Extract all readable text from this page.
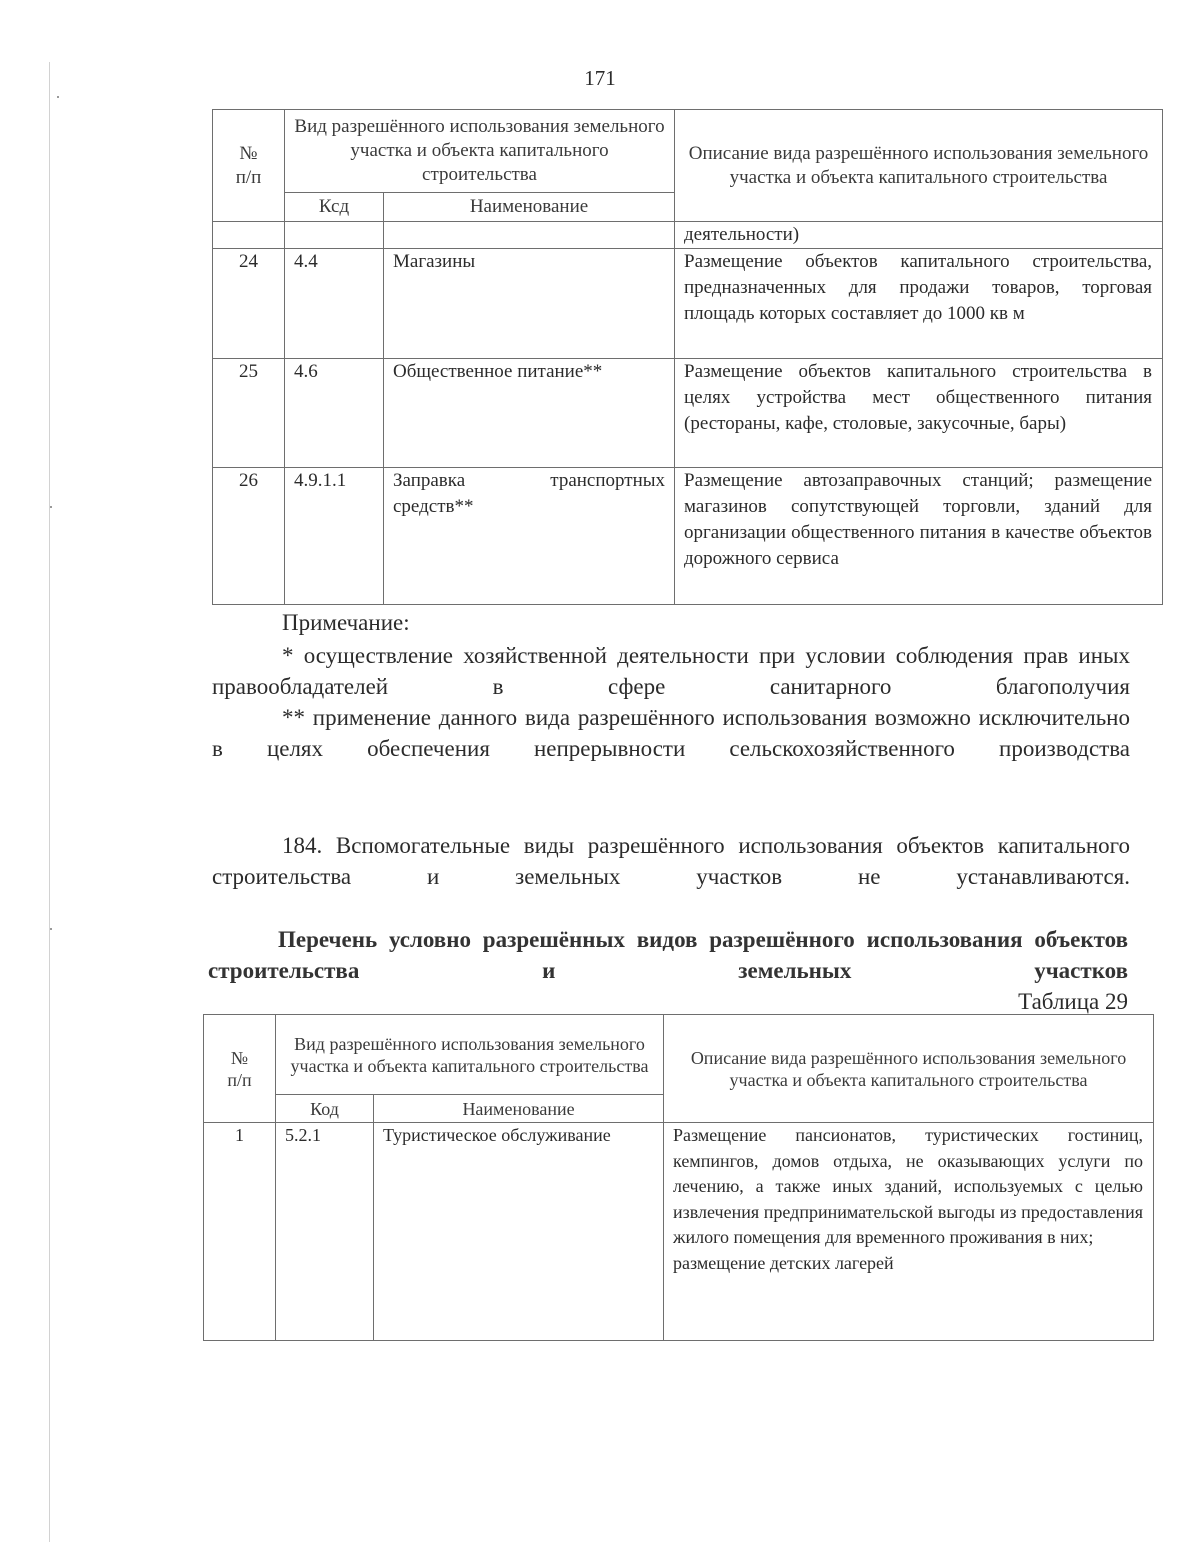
171
№
п/п	Вид разрешённого использования земельного участка и объекта капитального строительства		Описание вида разрешённого использования земельного участка и объекта капитального строительства
	Ксд	Наименование	
			деятельности)
24	4.4	Магазины	Размещение объектов капитального строительства, предназначенных для продажи товаров, торговая площадь которых составляет до 1000 кв м
25	4.6	Общественное питание**	Размещение объектов капитального строительства в целях устройства мест общественного питания (рестораны, кафе, столовые, закусочные, бары)
26	4.9.1.1	Заправка транспортных средств**	Размещение автозаправочных станций; размещение магазинов сопутствующей торговли, зданий для организации общественного питания в качестве объектов дорожного сервиса
Примечание:
* осуществление хозяйственной деятельности при условии соблюдения прав иных правообладателей в сфере санитарного благополучия
** применение данного вида разрешённого использования возможно исключительно в целях обеспечения непрерывности сельскохозяйственного производства
184. Вспомогательные виды разрешённого использования объектов капитального строительства и земельных участков не устанавливаются.
Перечень условно разрешённых видов разрешённого использования объектов строительства и земельных участков
Таблица 29
№
п/п	Вид разрешённого использования земельного участка и объекта капитального строительства		Описание вида разрешённого использования земельного участка и объекта капитального строительства
	Код	Наименование	
1	5.2.1	Туристическое обслуживание	Размещение пансионатов, туристических гостиниц, кемпингов, домов отдыха, не оказывающих услуги по лечению, а также иных зданий, используемых с целью извлечения предпринимательской выгоды из предоставления жилого помещения для временного проживания в них;
размещение детских лагерей
